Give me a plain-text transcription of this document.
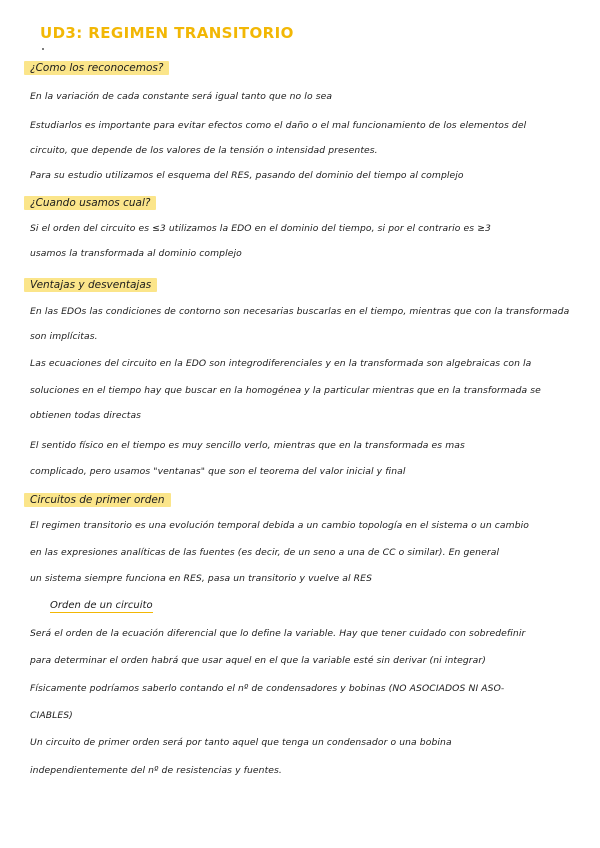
UD3: REGIMEN TRANSITORIO
¿Como los reconocemos?
En la variación de cada constante será igual tanto que no lo sea
Estudiarlos es importante para evitar efectos como el daño o el mal funcionamiento de los elementos del
circuito, que depende de los valores de la tensión o intensidad presentes.
Para su estudio utilizamos el esquema del RES, pasando del dominio del tiempo al complejo
¿Cuando usamos cual?
Si el orden del circuito es ≤3 utilizamos la EDO en el dominio del tiempo, si por el contrario es ≥3
usamos la transformada al dominio complejo
Ventajas y desventajas
En las EDOs las condiciones de contorno son necesarias buscarlas en el tiempo, mientras que con la transformada
son implícitas.
Las ecuaciones del circuito en la EDO son integrodiferenciales y en la transformada son algebraicas con la
soluciones en el tiempo hay que buscar en la homogénea y la particular mientras que en la transformada se
obtienen todas directas
El sentido físico en el tiempo es muy sencillo verlo, mientras que en la transformada es mas
complicado, pero usamos "ventanas" que son el teorema del valor inicial y final
Circuitos de primer orden
El regimen transitorio es una evolución temporal debida a un cambio topología en el sistema o un cambio
en las expresiones analíticas de las fuentes (es decir, de un seno a una de CC o similar). En general
un sistema siempre funciona en RES, pasa un transitorio y vuelve al RES
Orden de un circuito
Será el orden de la ecuación diferencial que lo define la variable. Hay que tener cuidado con sobredefinir
para determinar el orden habrá que usar aquel en el que la variable esté sin derivar (ni integrar)
Físicamente podríamos saberlo contando el nº de condensadores y bobinas (NO ASOCIADOS NI ASO-
CIABLES)
Un circuito de primer orden será por tanto aquel que tenga un condensador o una bobina
independientemente del nº de resistencias y fuentes.
